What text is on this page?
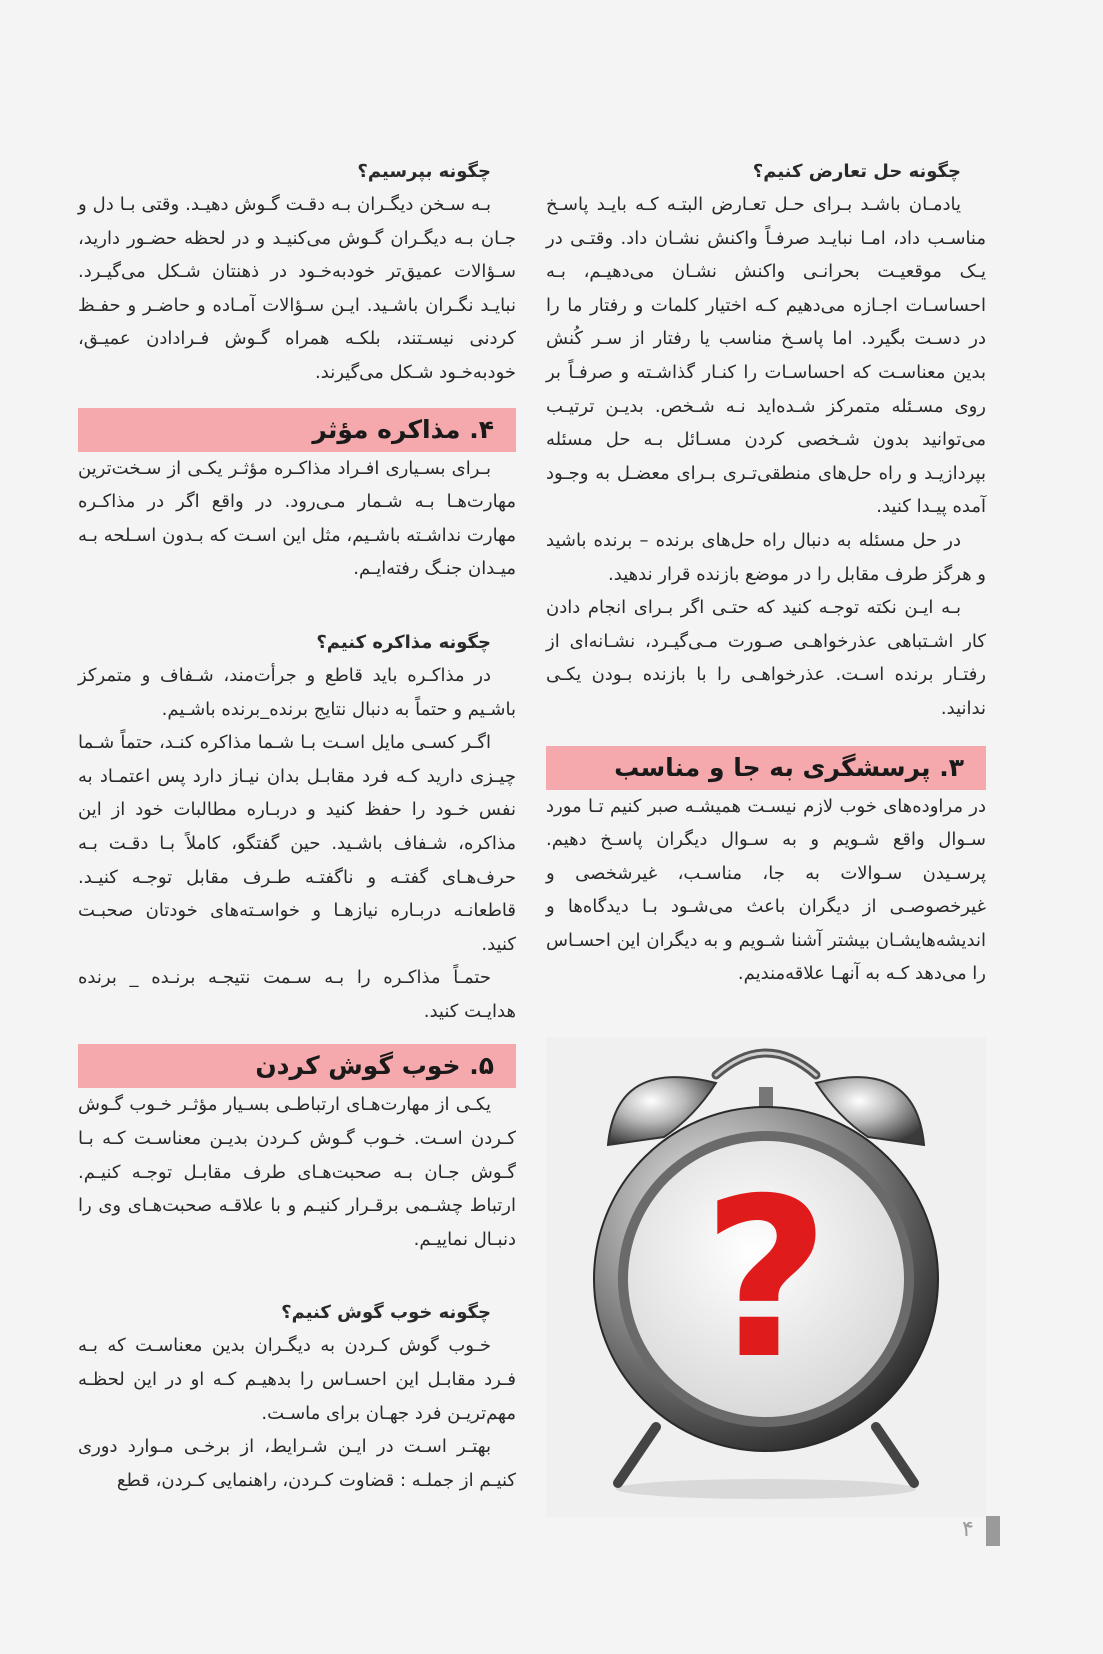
چگونه حل تعارض کنیم؟

یادمـان باشـد بـرای حـل تعـارض البتـه کـه بایـد پاسـخ مناسـب داد، امـا نبایـد صرفـاً واکنش نشـان داد. وقتـی در یـک موقعیـت بحرانـی واکنش نشـان می‌دهیـم، بـه احساسـات اجـازه می‌دهیم کـه اختیار کلمات و رفتار ما را در دسـت بگیرد. اما پاسـخ مناسب یا رفتار از سـر کُنش بدین معناسـت که احساسـات را کنـار گذاشـته و صرفـاً بر روی مسـئله متمرکز شـده‌اید نـه شـخص. بدیـن ترتیـب می‌توانید بدون شـخصی کردن مسـائل بـه حل مسئله بپردازیـد و راه حل‌های منطقی‌تـری بـرای معضـل به وجـود آمده پیـدا کنید.

در حل مسئله به دنبال راه حل‌های برنده – برنده باشید و هرگز طرف مقابل را در موضع بازنده قرار ندهید.

بـه ایـن نکته توجـه کنید که حتـی اگر بـرای انجام دادن کار اشـتباهی عذرخواهـی صـورت مـی‌گیـرد، نشـانه‌ای از رفتـار برنده اسـت. عذرخواهـی را با بازنده بـودن یکـی ندانید.

۳. پرسشگری به جا و مناسب

در مراوده‌های خوب لازم نیسـت همیشـه صبر کنیم تـا مورد سـوال واقع شـویم و به سـوال دیگران پاسـخ دهیم. پرسـیدن سـوالات به جا، مناسـب، غیرشخصی و غیرخصوصـی از دیگران باعث می‌شـود بـا دیدگاه‌ها و اندیشه‌هایشـان بیشتر آشنا شـویم و به دیگران این احسـاس را می‌دهد کـه به آنهـا علاقه‌مندیم.

چگونه بپرسیم؟

بـه سـخن دیگـران بـه دقـت گـوش دهیـد. وقتی بـا دل و جـان بـه دیگـران گـوش می‌کنیـد و در لحظه حضـور دارید، سـؤالات عمیق‌تر خودبه‌خـود در ذهنتان شـکل می‌گیـرد. نبایـد نگـران باشـید. ایـن سـؤالات آمـاده و حاضـر و حفـظ کردنی نیسـتند، بلکـه همراه گـوش فـرادادن عمیـق، خودبه‌خـود شـکل می‌گیرند.

۴. مذاکره مؤثر

بـرای بسـیاری افـراد مذاکـره مؤثـر یکـی از سـخت‌ترین مهارت‌هـا بـه شـمار مـی‌رود. در واقع اگر در مذاکـره مهارت نداشـته باشـیم، مثل این اسـت که بـدون اسـلحه بـه میـدان جنـگ رفته‌ایـم.

چگونه مذاکره کنیم؟

در مذاکـره باید قاطع و جرأت‌مند، شـفاف و متمرکز باشـیم و حتماً به دنبال نتایج برنده_برنده باشـیم.

اگـر کسـی مایل اسـت بـا شـما مذاکره کنـد، حتماً شـما چیـزی دارید کـه فرد مقابـل بدان نیـاز دارد پس اعتمـاد به نفس خـود را حفظ کنید و دربـاره مطالبات خود از این مذاکره، شـفاف باشـید. حین گفتگو، کاملاً بـا دقـت بـه حرف‌هـای گفتـه و ناگفتـه طـرف مقابل توجـه کنیـد. قاطعانـه دربـاره نیازهـا و خواسـته‌های خودتان صحبـت کنید.

حتمـاً مذاکـره را بـه سـمت نتیجـه برنـده _ برنده هدایـت کنید.

۵. خوب گوش کردن

یکـی از مهارت‌هـای ارتباطـی بسـیار مؤثـر خـوب گـوش کـردن اسـت. خـوب گـوش کـردن بدیـن معناسـت کـه بـا گـوش جـان بـه صحبت‌هـای طرف مقابـل توجـه کنیـم. ارتباط چشـمی برقـرار کنیـم و با علاقـه صحبت‌هـای وی را دنبـال نماییـم.

چگونه خوب گوش کنیم؟

خـوب گوش کـردن به دیگـران بدین معناسـت که بـه فـرد مقابـل این احسـاس را بدهیـم کـه او در این لحظـه مهم‌تریـن فرد جهـان برای ماسـت.

بهتـر اسـت در ایـن شـرایط، از برخـی مـوارد دوری کنیـم از جملـه : قضاوت کـردن، راهنمایی کـردن، قطع

?
۴
